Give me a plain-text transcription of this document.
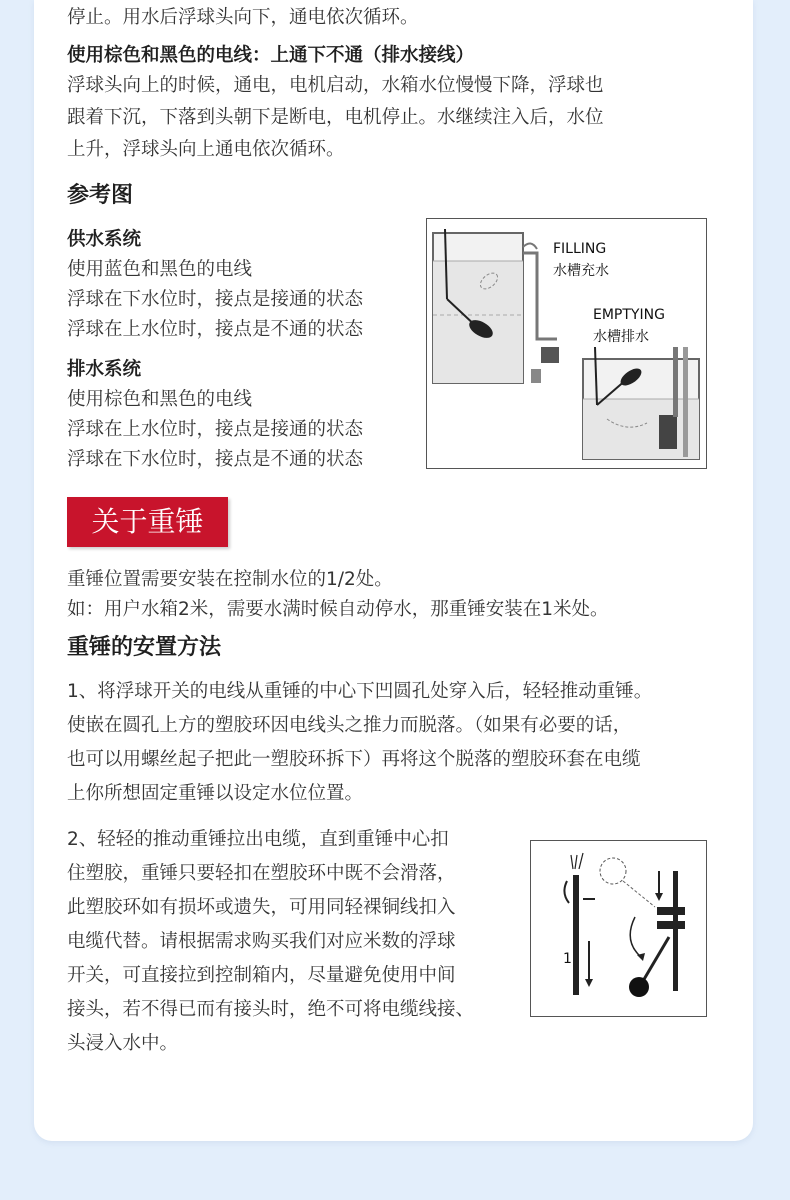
停止。用水后浮球头向下，通电依次循环。

使用棕色和黑色的电线：上通下不通（排水接线）

浮球头向上的时候，通电，电机启动，水箱水位慢慢下降，浮球也

跟着下沉，下落到头朝下是断电，电机停止。水继续注入后，水位

上升，浮球头向上通电依次循环。

参考图

供水系统

使用蓝色和黑色的电线

浮球在下水位时，接点是接通的状态

浮球在上水位时，接点是不通的状态

排水系统

使用棕色和黑色的电线

浮球在上水位时，接点是接通的状态

浮球在下水位时，接点是不通的状态

FILLING
水槽充水
EMPTYING
水槽排水
关于重锤

重锤位置需要安装在控制水位的1/2处。

如：用户水箱2米，需要水满时候自动停水，那重锤安装在1米处。

重锤的安置方法

1、将浮球开关的电线从重锤的中心下凹圆孔处穿入后，轻轻推动重锤。

使嵌在圆孔上方的塑胶环因电线头之推力而脱落。（如果有必要的话，

也可以用螺丝起子把此一塑胶环拆下）再将这个脱落的塑胶环套在电缆

上你所想固定重锤以设定水位位置。

2、轻轻的推动重锤拉出电缆，直到重锤中心扣

住塑胶，重锤只要轻扣在塑胶环中既不会滑落，

此塑胶环如有损坏或遗失，可用同轻裸铜线扣入

电缆代替。请根据需求购买我们对应米数的浮球

开关，可直接拉到控制箱内，尽量避免使用中间

接头，若不得已而有接头时，绝不可将电缆线接、

头浸入水中。

1
